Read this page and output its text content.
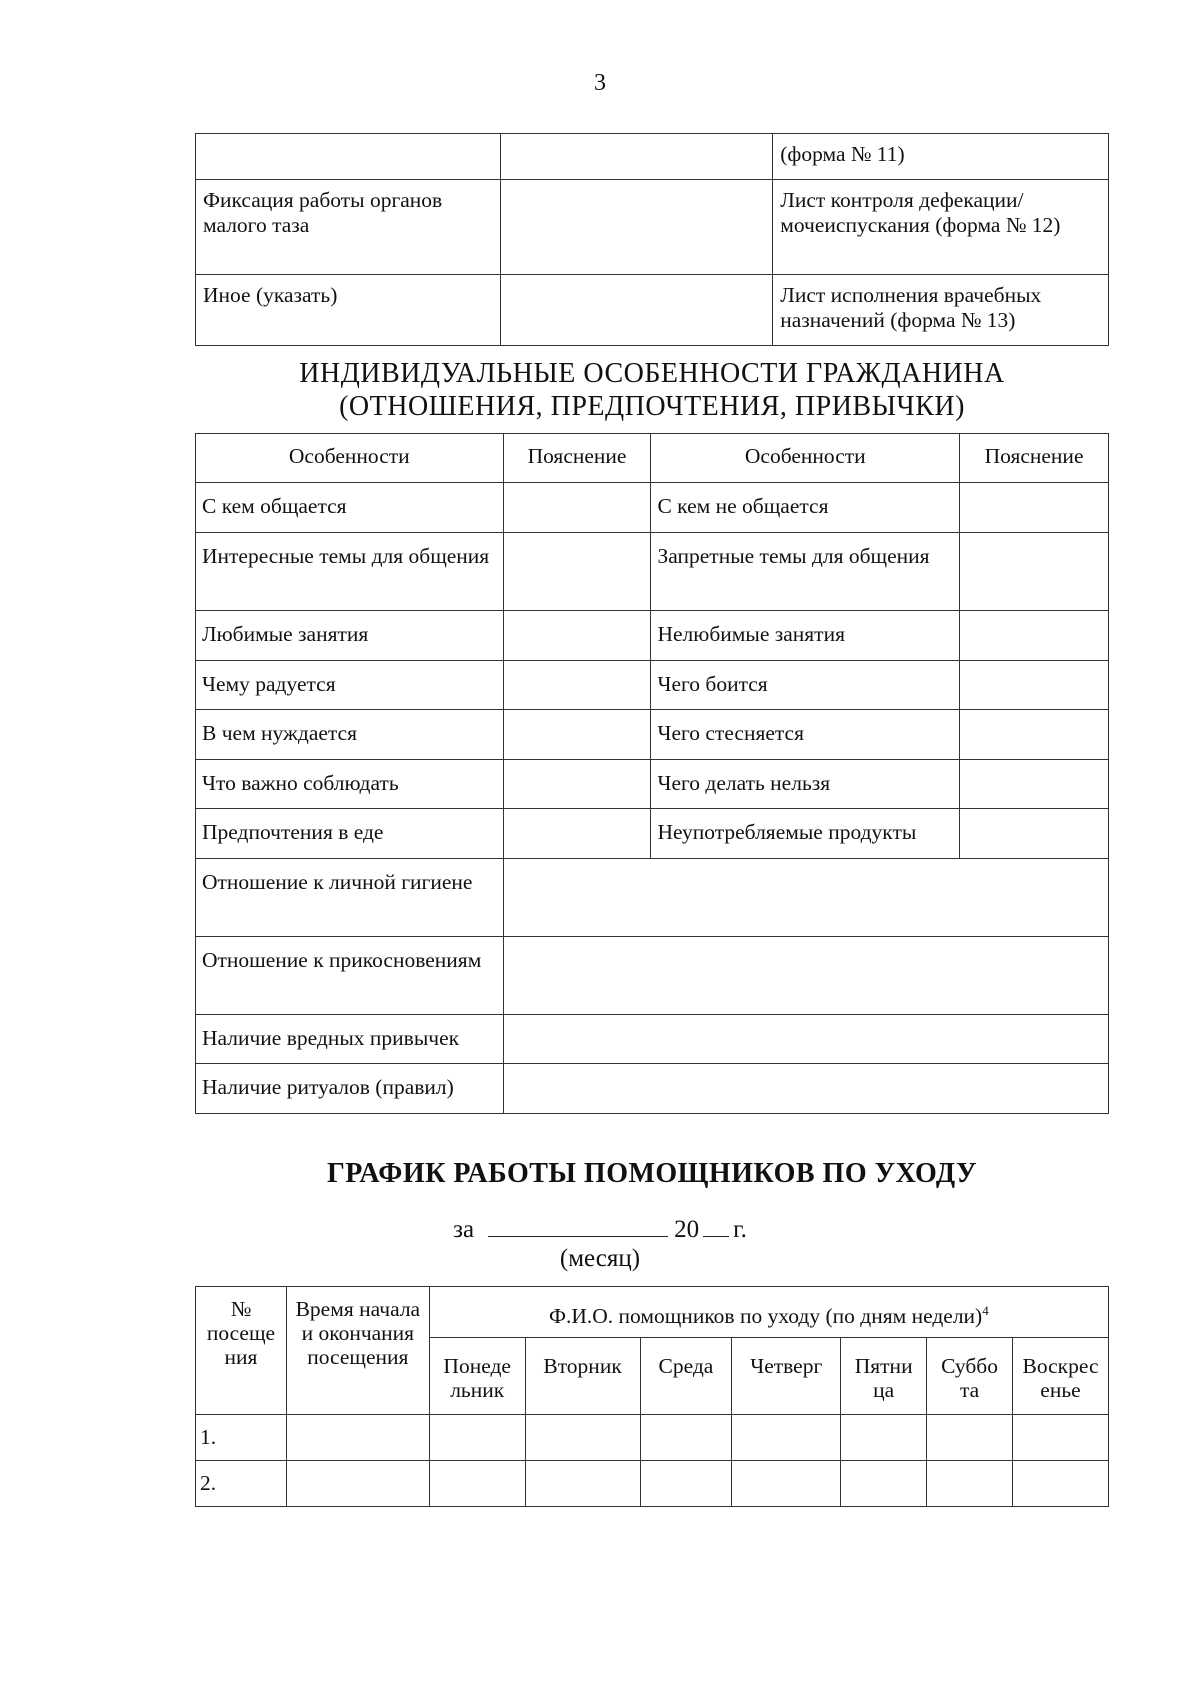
3
		(форма № 11)
Фиксация работы органов малого таза		Лист контроля дефекации/мочеиспускания (форма № 12)
Иное (указать)		Лист исполнения врачебных назначений (форма № 13)
ИНДИВИДУАЛЬНЫЕ ОСОБЕННОСТИ ГРАЖДАНИНА
(ОТНОШЕНИЯ, ПРЕДПОЧТЕНИЯ, ПРИВЫЧКИ)
Особенности	Пояснение	Особенности	Пояснение
С кем общается		С кем не общается	
Интересные темы для общения		Запретные темы для общения	
Любимые занятия		Нелюбимые занятия	
Чему радуется		Чего боится	
В чем нуждается		Чего стесняется	
Что важно соблюдать		Чего делать нельзя	
Предпочтения в еде		Неупотребляемые продукты	
Отношение к личной гигиене			
Отношение к прикосновениям			
Наличие вредных привычек			
Наличие ритуалов (правил)			
ГРАФИК РАБОТЫ ПОМОЩНИКОВ ПО УХОДУ
за	20 г.
(месяц)
№ посеще ния	Время начала и окончания посещения	Ф.И.О. помощников по уходу (по дням недели)$^4$
		Понеде льник	Вторник	Среда	Четверг	Пятни ца	Суббо та	Воскрес енье
1.								
2.								
